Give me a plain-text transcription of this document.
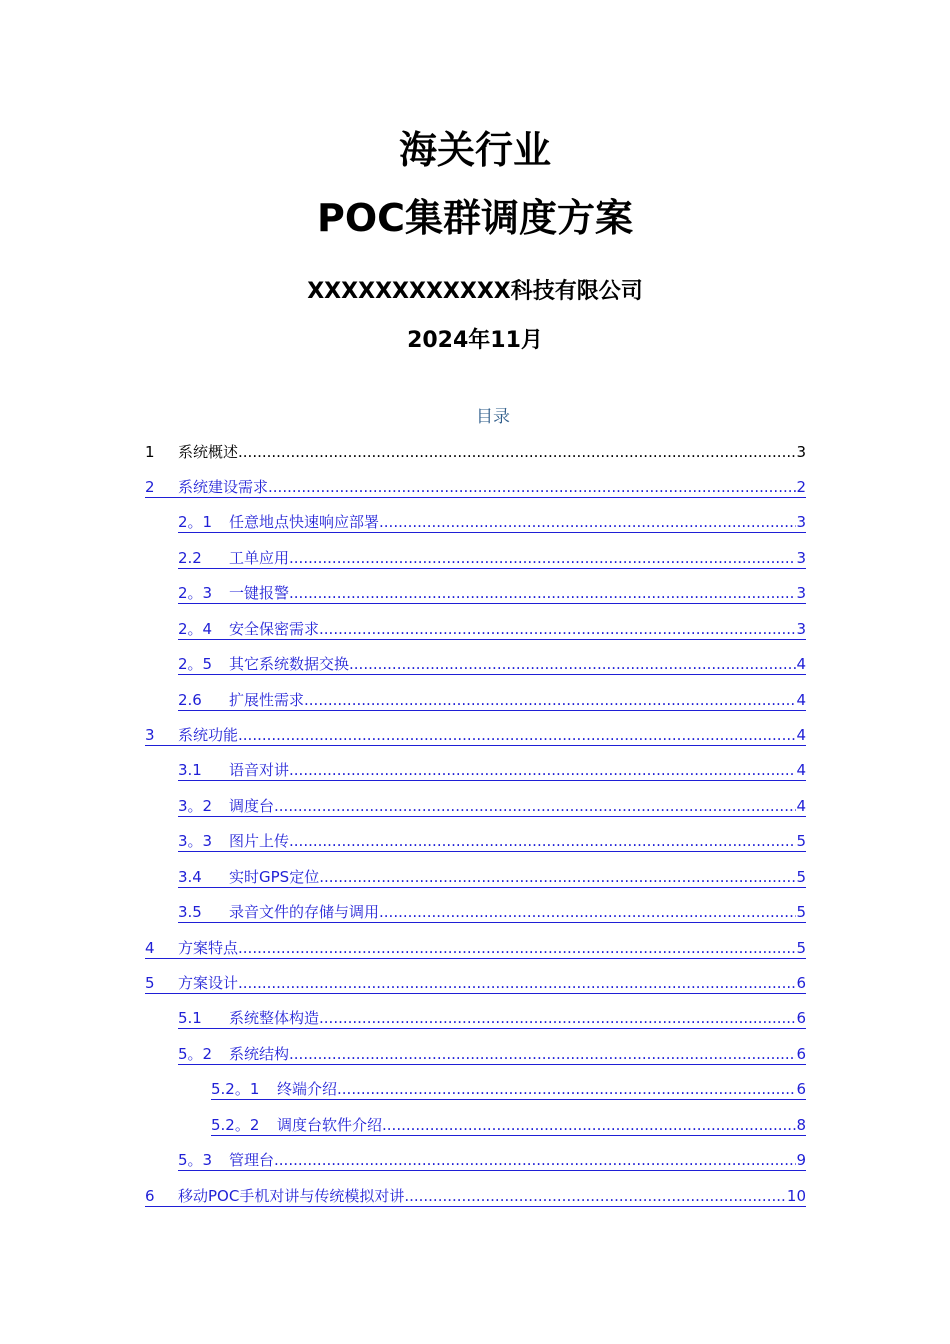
海关行业
POC集群调度方案
XXXXXXXXXXXX科技有限公司
2024年11月
目录
1	系统概述 .....	3
2	系统建设需求 .....	2
2。1	任意地点快速响应部署 .....	3
2.2	工单应用 .....	3
2。3	一键报警 .....	3
2。4	安全保密需求 .....	3
2。5	其它系统数据交换 .....	4
2.6	扩展性需求 .....	4
3	系统功能 .....	4
3.1	语音对讲 .....	4
3。2	调度台 .....	4
3。3	图片上传 .....	5
3.4	实时GPS定位 .....	5
3.5	录音文件的存储与调用 .....	5
4	方案特点 .....	5
5	方案设计 .....	6
5.1	系统整体构造 .....	6
5。2	系统结构 .....	6
5.2。1	终端介绍 .....	6
5.2。2	调度台软件介绍 .....	8
5。3	管理台 .....	9
6	移动POC手机对讲与传统模拟对讲 .....	10
